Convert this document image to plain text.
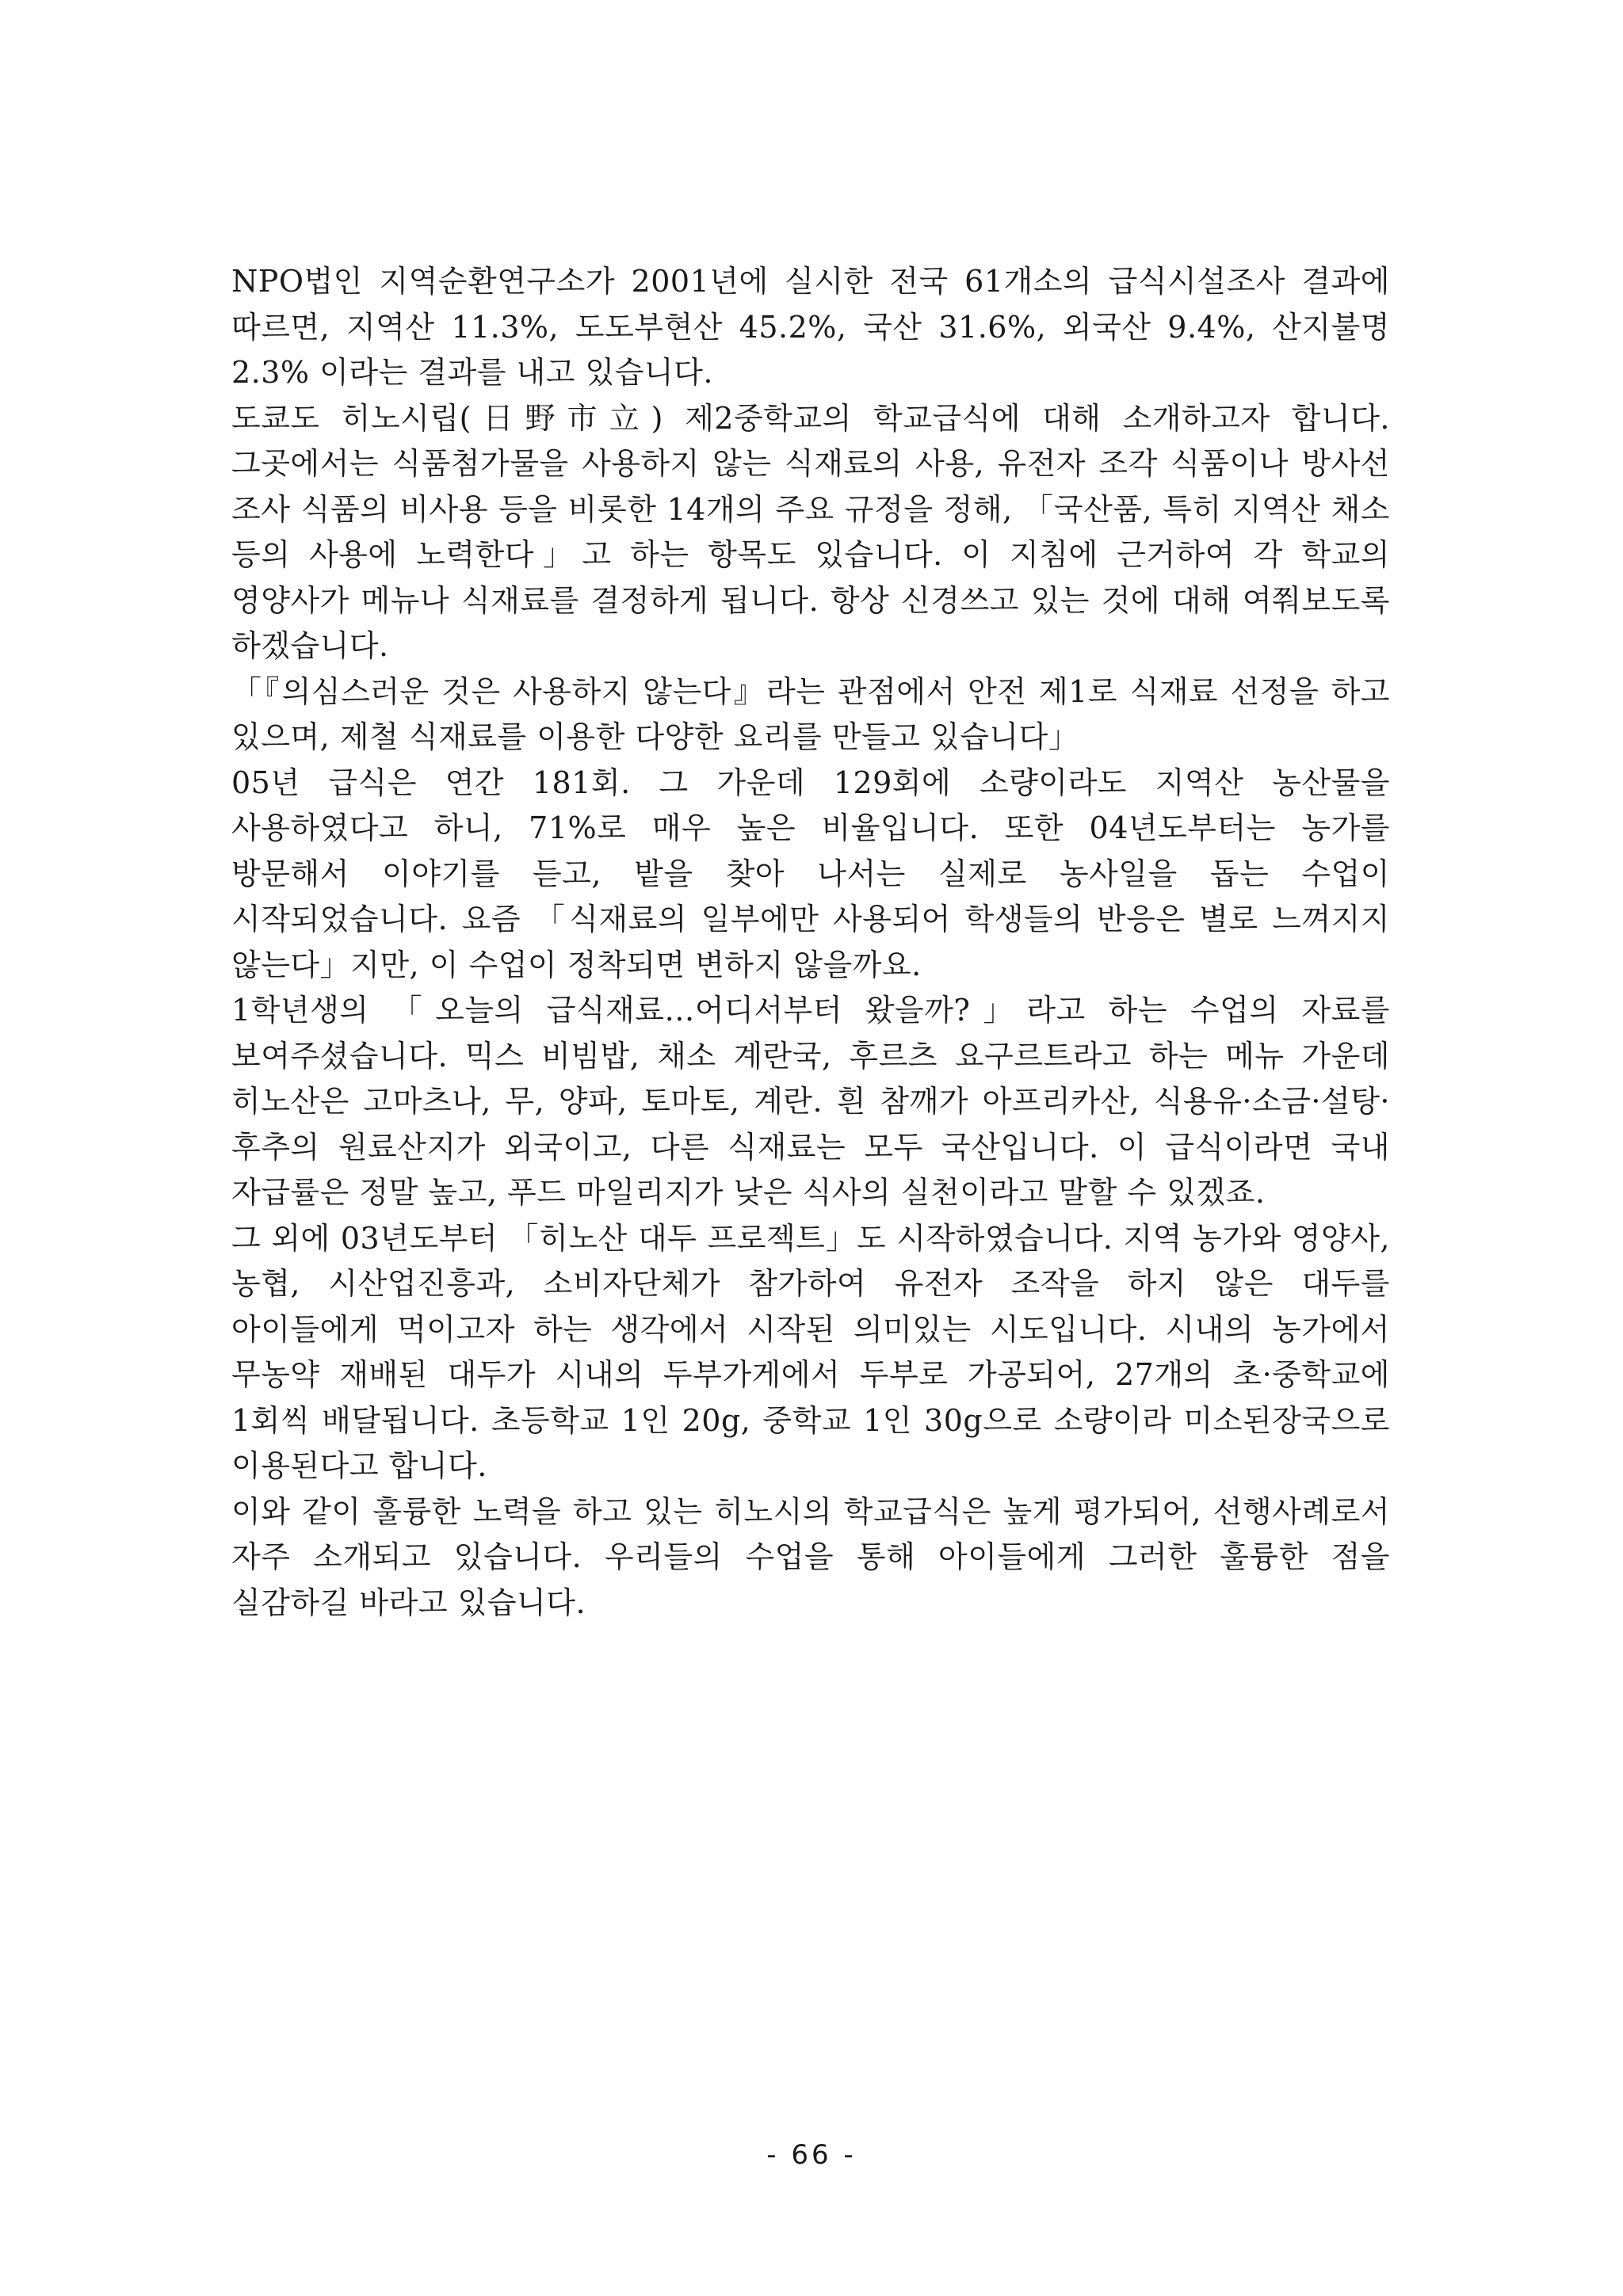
NPO법인 지역순환연구소가 2001년에 실시한 전국 61개소의 급식시설조사 결과에 따르면, 지역산 11.3%, 도도부현산 45.2%, 국산 31.6%, 외국산 9.4%, 산지불명 2.3% 이라는 결과를 내고 있습니다.

도쿄도 히노시립(日野市立) 제2중학교의 학교급식에 대해 소개하고자 합니다. 그곳에서는 식품첨가물을 사용하지 않는 식재료의 사용, 유전자 조각 식품이나 방사선 조사 식품의 비사용 등을 비롯한 14개의 주요 규정을 정해, 「국산품, 특히 지역산 채소 등의 사용에 노력한다」고 하는 항목도 있습니다. 이 지침에 근거하여 각 학교의 영양사가 메뉴나 식재료를 결정하게 됩니다. 항상 신경쓰고 있는 것에 대해 여쭤보도록 하겠습니다.

「『의심스러운 것은 사용하지 않는다』라는 관점에서 안전 제1로 식재료 선정을 하고 있으며, 제철 식재료를 이용한 다양한 요리를 만들고 있습니다」

05년 급식은 연간 181회. 그 가운데 129회에 소량이라도 지역산 농산물을 사용하였다고 하니, 71%로 매우 높은 비율입니다. 또한 04년도부터는 농가를 방문해서 이야기를 듣고, 밭을 찾아 나서는 실제로 농사일을 돕는 수업이 시작되었습니다. 요즘 「식재료의 일부에만 사용되어 학생들의 반응은 별로 느껴지지 않는다」지만, 이 수업이 정착되면 변하지 않을까요.

1학년생의 「오늘의 급식재료…어디서부터 왔을까?」라고 하는 수업의 자료를 보여주셨습니다. 믹스 비빔밥, 채소 계란국, 후르츠 요구르트라고 하는 메뉴 가운데 히노산은 고마츠나, 무, 양파, 토마토, 계란. 흰 참깨가 아프리카산, 식용유·소금·설탕·후추의 원료산지가 외국이고, 다른 식재료는 모두 국산입니다. 이 급식이라면 국내 자급률은 정말 높고, 푸드 마일리지가 낮은 식사의 실천이라고 말할 수 있겠죠.

그 외에 03년도부터 「히노산 대두 프로젝트」도 시작하였습니다. 지역 농가와 영양사, 농협, 시산업진흥과, 소비자단체가 참가하여 유전자 조작을 하지 않은 대두를 아이들에게 먹이고자 하는 생각에서 시작된 의미있는 시도입니다. 시내의 농가에서 무농약 재배된 대두가 시내의 두부가게에서 두부로 가공되어, 27개의 초·중학교에 1회씩 배달됩니다. 초등학교 1인 20g, 중학교 1인 30g으로 소량이라 미소된장국으로 이용된다고 합니다.

이와 같이 훌륭한 노력을 하고 있는 히노시의 학교급식은 높게 평가되어, 선행사례로서 자주 소개되고 있습니다. 우리들의 수업을 통해 아이들에게 그러한 훌륭한 점을 실감하길 바라고 있습니다.

- 66 -
